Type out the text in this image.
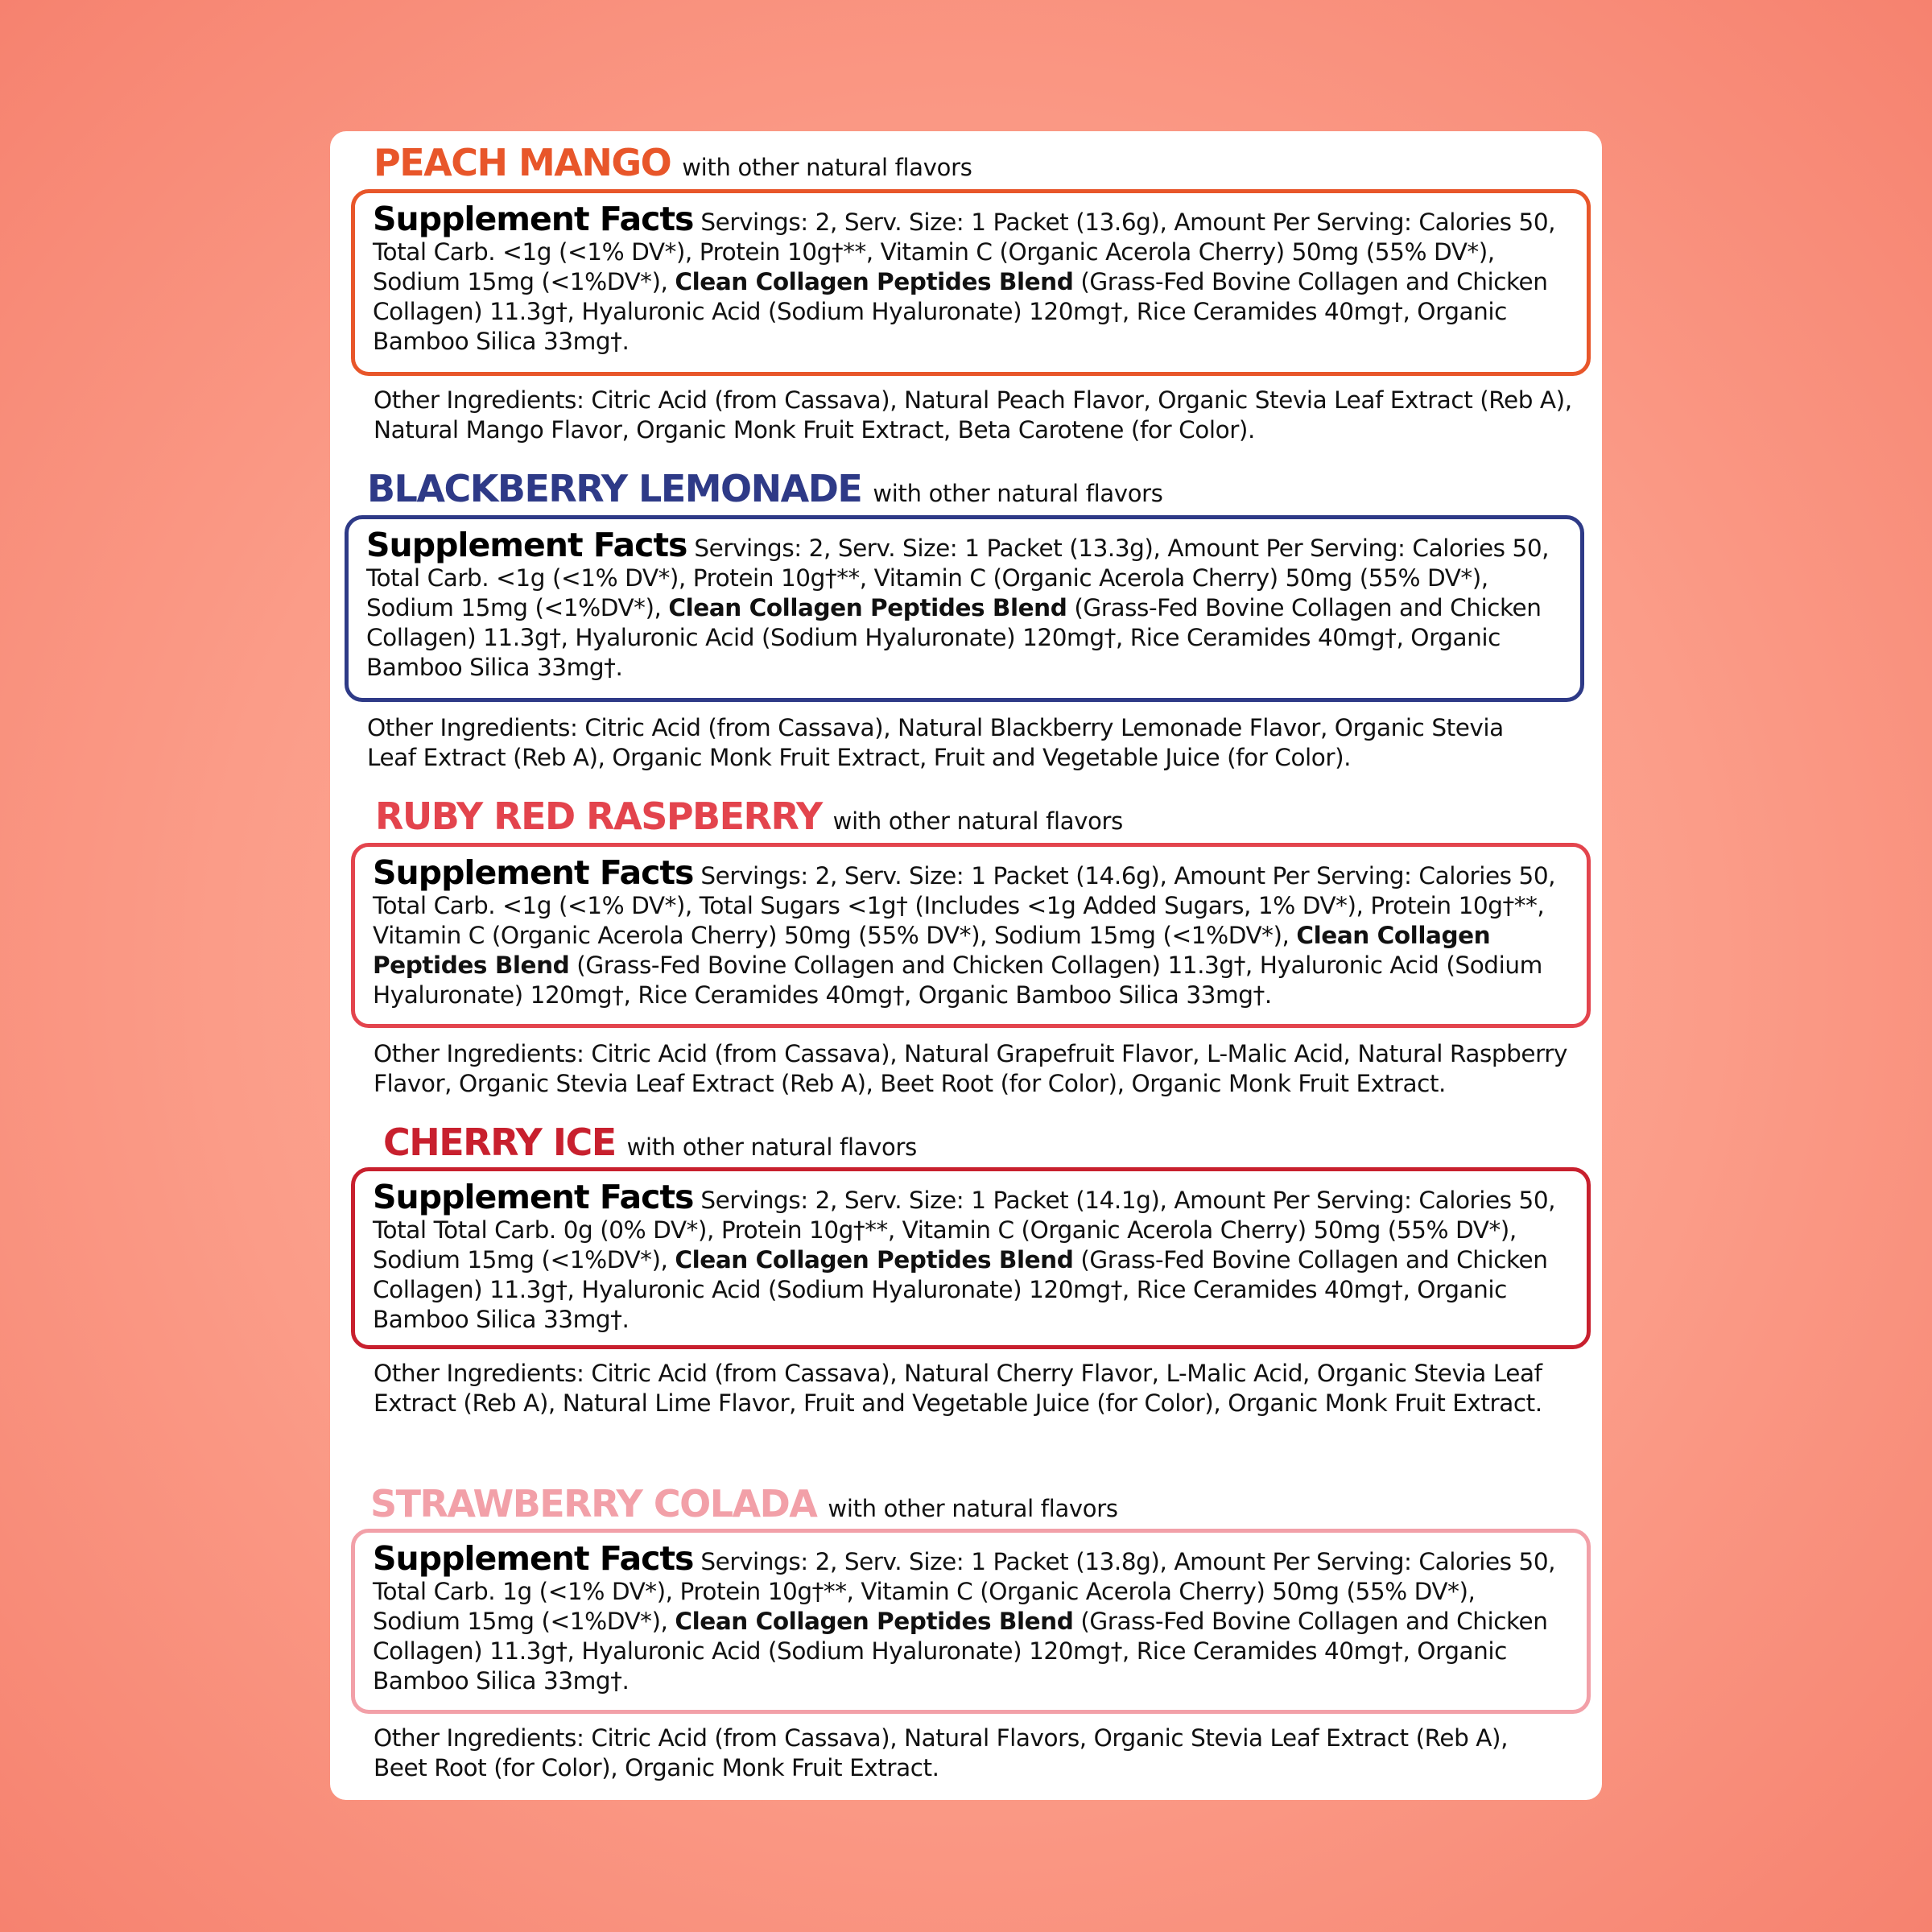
PEACH MANGO with other natural flavors
Supplement Facts Servings: 2, Serv. Size: 1 Packet (13.6g), Amount Per Serving: Calories 50, Total Carb. <1g (<1% DV*), Protein 10g†**, Vitamin C (Organic Acerola Cherry) 50mg (55% DV*), Sodium 15mg (<1%DV*), Clean Collagen Peptides Blend (Grass-Fed Bovine Collagen and Chicken Collagen) 11.3g†, Hyaluronic Acid (Sodium Hyaluronate) 120mg†, Rice Ceramides 40mg†, Organic Bamboo Silica 33mg†.
Other Ingredients: Citric Acid (from Cassava), Natural Peach Flavor, Organic Stevia Leaf Extract (Reb A), Natural Mango Flavor, Organic Monk Fruit Extract, Beta Carotene (for Color).
BLACKBERRY LEMONADE with other natural flavors
Supplement Facts Servings: 2, Serv. Size: 1 Packet (13.3g), Amount Per Serving: Calories 50, Total Carb. <1g (<1% DV*), Protein 10g†**, Vitamin C (Organic Acerola Cherry) 50mg (55% DV*), Sodium 15mg (<1%DV*), Clean Collagen Peptides Blend (Grass-Fed Bovine Collagen and Chicken Collagen) 11.3g†, Hyaluronic Acid (Sodium Hyaluronate) 120mg†, Rice Ceramides 40mg†, Organic Bamboo Silica 33mg†.
Other Ingredients: Citric Acid (from Cassava), Natural Blackberry Lemonade Flavor, Organic Stevia Leaf Extract (Reb A), Organic Monk Fruit Extract, Fruit and Vegetable Juice (for Color).
RUBY RED RASPBERRY with other natural flavors
Supplement Facts Servings: 2, Serv. Size: 1 Packet (14.6g), Amount Per Serving: Calories 50, Total Carb. <1g (<1% DV*), Total Sugars <1g† (Includes <1g Added Sugars, 1% DV*), Protein 10g†**, Vitamin C (Organic Acerola Cherry) 50mg (55% DV*), Sodium 15mg (<1%DV*), Clean Collagen Peptides Blend (Grass-Fed Bovine Collagen and Chicken Collagen) 11.3g†, Hyaluronic Acid (Sodium Hyaluronate) 120mg†, Rice Ceramides 40mg†, Organic Bamboo Silica 33mg†.
Other Ingredients: Citric Acid (from Cassava), Natural Grapefruit Flavor, L-Malic Acid, Natural Raspberry Flavor, Organic Stevia Leaf Extract (Reb A), Beet Root (for Color), Organic Monk Fruit Extract.
CHERRY ICE with other natural flavors
Supplement Facts Servings: 2, Serv. Size: 1 Packet (14.1g), Amount Per Serving: Calories 50, Total Total Carb. 0g (0% DV*), Protein 10g†**, Vitamin C (Organic Acerola Cherry) 50mg (55% DV*), Sodium 15mg (<1%DV*), Clean Collagen Peptides Blend (Grass-Fed Bovine Collagen and Chicken Collagen) 11.3g†, Hyaluronic Acid (Sodium Hyaluronate) 120mg†, Rice Ceramides 40mg†, Organic Bamboo Silica 33mg†.
Other Ingredients: Citric Acid (from Cassava), Natural Cherry Flavor, L-Malic Acid, Organic Stevia Leaf Extract (Reb A), Natural Lime Flavor, Fruit and Vegetable Juice (for Color), Organic Monk Fruit Extract.
STRAWBERRY COLADA with other natural flavors
Supplement Facts Servings: 2, Serv. Size: 1 Packet (13.8g), Amount Per Serving: Calories 50, Total Carb. 1g (<1% DV*), Protein 10g†**, Vitamin C (Organic Acerola Cherry) 50mg (55% DV*), Sodium 15mg (<1%DV*), Clean Collagen Peptides Blend (Grass-Fed Bovine Collagen and Chicken Collagen) 11.3g†, Hyaluronic Acid (Sodium Hyaluronate) 120mg†, Rice Ceramides 40mg†, Organic Bamboo Silica 33mg†.
Other Ingredients: Citric Acid (from Cassava), Natural Flavors, Organic Stevia Leaf Extract (Reb A), Beet Root (for Color), Organic Monk Fruit Extract.
